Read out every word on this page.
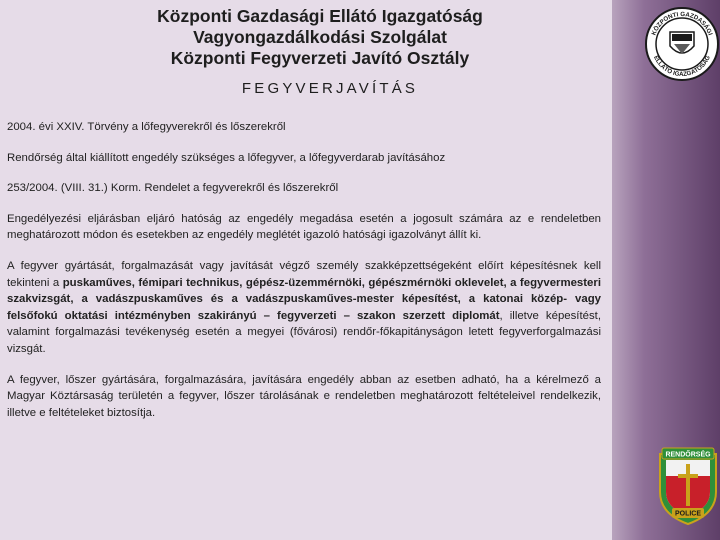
Központi Gazdasági Ellátó Igazgatóság
Vagyongazdálkodási Szolgálat
Központi Fegyverzeti Javító Osztály
FEGYVERJAVÍTÁS

2004. évi XXIV. Törvény a lőfegyverekről és lőszerekről

Rendőrség által kiállított engedély szükséges a lőfegyver, a lőfegyverdarab javításához

253/2004. (VIII. 31.) Korm. Rendelet a fegyverekről és lőszerekről

Engedélyezési eljárásban eljáró hatóság az engedély megadása esetén a jogosult számára az e rendeletben meghatározott módon és esetekben az engedély meglétét igazoló hatósági igazolványt állít ki.

A fegyver gyártását, forgalmazását vagy javítását végző személy szakképzettségeként előírt képesítésnek kell tekinteni a puskaműves, fémipari technikus, gépész-üzemmérnöki, gépészmérnöki oklevelet, a fegyvermesteri szakvizsgát, a vadászpuskaműves és a vadászpuskaműves-mester képesítést, a katonai közép- vagy felsőfokú oktatási intézményben szakirányú – fegyverzeti – szakon szerzett diplomát, illetve képesítést, valamint forgalmazási tevékenység esetén a megyei (fővárosi) rendőr-főkapitányságon letett fegyverforgalmazási vizsgát.

A fegyver, lőszer gyártására, forgalmazására, javítására engedély abban az esetben adható, ha a kérelmező a Magyar Köztársaság területén a fegyver, lőszer tárolásának e rendeletben meghatározott feltételeivel rendelkezik, illetve e feltételeket biztosítja.

KÖZPONTI GAZDASÁGI
ELLÁTÓ IGAZGATÓSÁG
RENDŐRSÉG
POLICE
